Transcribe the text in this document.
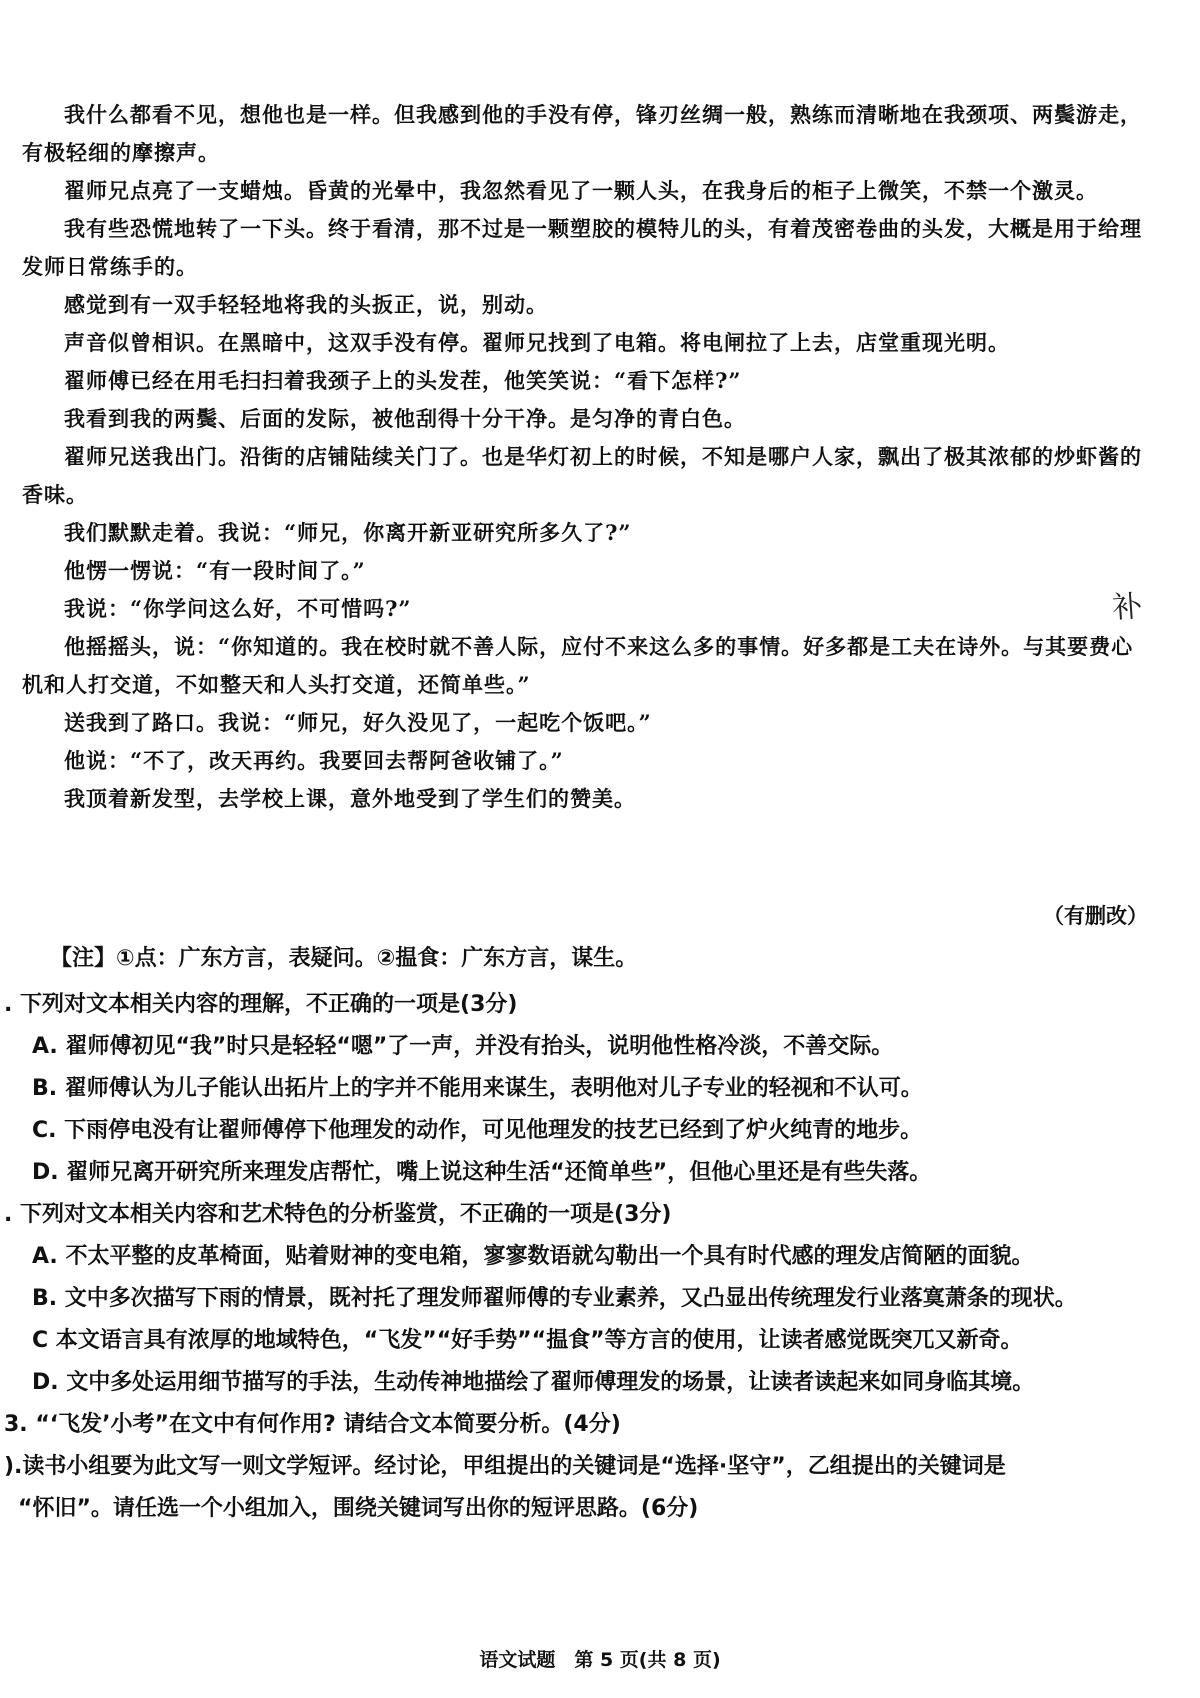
我什么都看不见，想他也是一样。但我感到他的手没有停，锋刃丝绸一般，熟练而清晰地在我颈项、两鬓游走，有极轻细的摩擦声。

翟师兄点亮了一支蜡烛。昏黄的光晕中，我忽然看见了一颗人头，在我身后的柜子上微笑，不禁一个激灵。

我有些恐慌地转了一下头。终于看清，那不过是一颗塑胶的模特儿的头，有着茂密卷曲的头发，大概是用于给理发师日常练手的。

感觉到有一双手轻轻地将我的头扳正，说，别动。

声音似曾相识。在黑暗中，这双手没有停。翟师兄找到了电箱。将电闸拉了上去，店堂重现光明。

翟师傅已经在用毛扫扫着我颈子上的头发茬，他笑笑说：“看下怎样?”

我看到我的两鬓、后面的发际，被他刮得十分干净。是匀净的青白色。

翟师兄送我出门。沿街的店铺陆续关门了。也是华灯初上的时候，不知是哪户人家，飘出了极其浓郁的炒虾酱的香味。

我们默默走着。我说：“师兄，你离开新亚研究所多久了?”

他愣一愣说：“有一段时间了。”

我说：“你学问这么好，不可惜吗?”

他摇摇头，说：“你知道的。我在校时就不善人际，应付不来这么多的事情。好多都是工夫在诗外。与其要费心机和人打交道，不如整天和人头打交道，还简单些。”

送我到了路口。我说：“师兄，好久没见了，一起吃个饭吧。”

他说：“不了，改天再约。我要回去帮阿爸收铺了。”

我顶着新发型，去学校上课，意外地受到了学生们的赞美。

补
（有删改）
【注】①点：广东方言，表疑问。②揾食：广东方言，谋生。

. 下列对文本相关内容的理解，不正确的一项是(3分)

A. 翟师傅初见“我”时只是轻轻“嗯”了一声，并没有抬头，说明他性格冷淡，不善交际。

B. 翟师傅认为儿子能认出拓片上的字并不能用来谋生，表明他对儿子专业的轻视和不认可。

C. 下雨停电没有让翟师傅停下他理发的动作，可见他理发的技艺已经到了炉火纯青的地步。

D. 翟师兄离开研究所来理发店帮忙，嘴上说这种生活“还简单些”，但他心里还是有些失落。

. 下列对文本相关内容和艺术特色的分析鉴赏，不正确的一项是(3分)

A. 不太平整的皮革椅面，贴着财神的变电箱，寥寥数语就勾勒出一个具有时代感的理发店简陋的面貌。

B. 文中多次描写下雨的情景，既衬托了理发师翟师傅的专业素养，又凸显出传统理发行业落寞萧条的现状。

C 本文语言具有浓厚的地域特色，“飞发”“好手势”“揾食”等方言的使用，让读者感觉既突兀又新奇。

D. 文中多处运用细节描写的手法，生动传神地描绘了翟师傅理发的场景，让读者读起来如同身临其境。

3. “‘飞发’小考”在文中有何作用? 请结合文本简要分析。(4分)

).读书小组要为此文写一则文学短评。经讨论，甲组提出的关键词是“选择·坚守”，乙组提出的关键词是

“怀旧”。请任选一个小组加入，围绕关键词写出你的短评思路。(6分)

语文试题　第 5 页(共 8 页)
